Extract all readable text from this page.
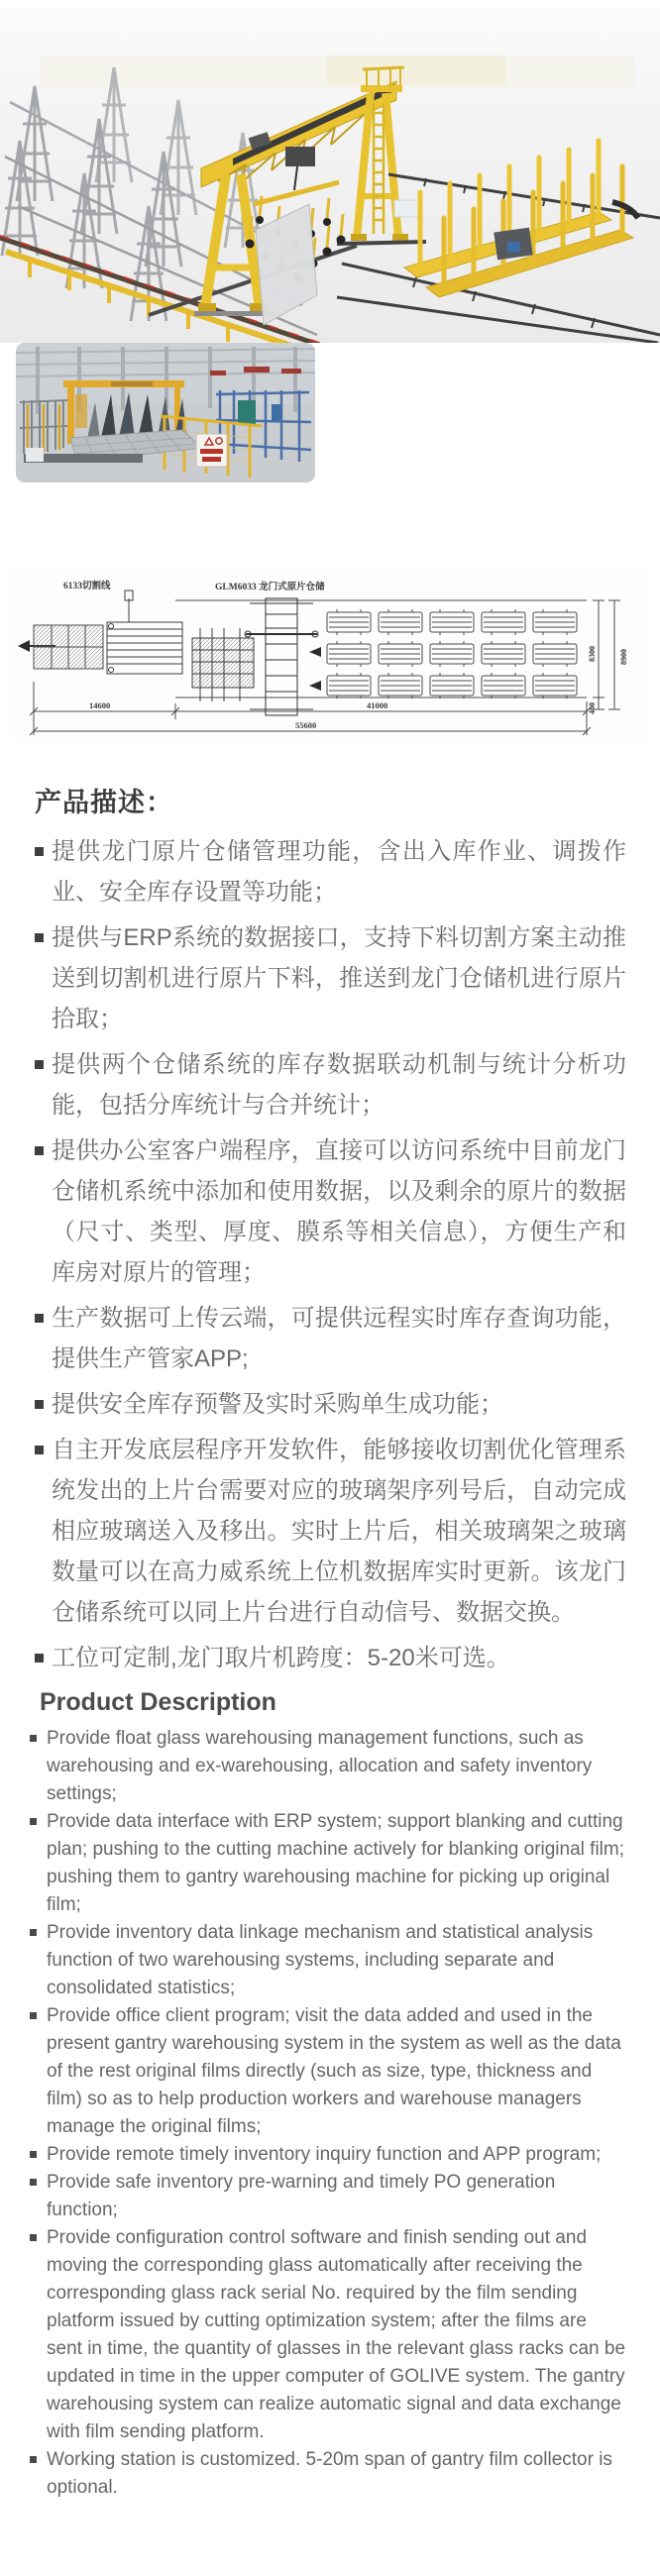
6133切割线	GLM6033 龙门式原片仓储
8300	8900
400
14600	41000
55600
产品描述：
提供龙门原片仓储管理功能，含出入库作业、调拨作业、安全库存设置等功能；
提供与ERP系统的数据接口，支持下料切割方案主动推送到切割机进行原片下料，推送到龙门仓储机进行原片拾取；
提供两个仓储系统的库存数据联动机制与统计分析功能，包括分库统计与合并统计；
提供办公室客户端程序，直接可以访问系统中目前龙门仓储机系统中添加和使用数据，以及剩余的原片的数据（尺寸、类型、厚度、膜系等相关信息），方便生产和库房对原片的管理；
生产数据可上传云端，可提供远程实时库存查询功能，提供生产管家APP;
提供安全库存预警及实时采购单生成功能；
自主开发底层程序开发软件，能够接收切割优化管理系统发出的上片台需要对应的玻璃架序列号后，自动完成相应玻璃送入及移出。实时上片后，相关玻璃架之玻璃数量可以在高力威系统上位机数据库实时更新。该龙门仓储系统可以同上片台进行自动信号、数据交换。
工位可定制,龙门取片机跨度：5-20米可选。
Product Description
Provide float glass warehousing management functions, such as warehousing and ex-warehousing, allocation and safety inventory settings;
Provide data interface with ERP system; support blanking and cutting plan; pushing to the cutting machine actively for blanking original film; pushing them to gantry warehousing machine for picking up original film;
Provide inventory data linkage mechanism and statistical analysis function of two warehousing systems, including separate and consolidated statistics;
Provide office client program; visit the data added and used in the present gantry warehousing system in the system as well as the data of the rest original films directly (such as size, type, thickness and film) so as to help production workers and warehouse managers manage the original films;
Provide remote timely inventory inquiry function and APP program;
Provide safe inventory pre-warning and timely PO generation function;
Provide configuration control software and finish sending out and moving the corresponding glass automatically after receiving the corresponding glass rack serial No. required by the film sending platform issued by cutting optimization system; after the films are sent in time, the quantity of glasses in the relevant glass racks can be updated in time in the upper computer of GOLIVE system. The gantry warehousing system can realize automatic signal and data exchange with film sending platform.
Working station is customized. 5-20m span of gantry film collector is optional.
